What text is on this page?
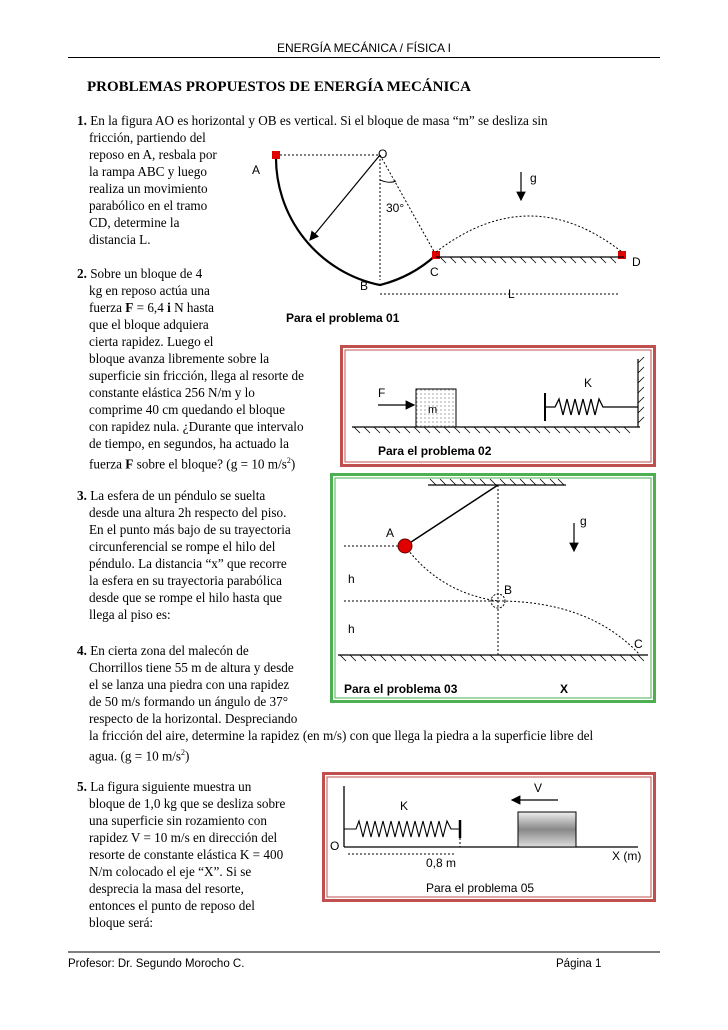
ENERGÍA MECÁNICA / FÍSICA I
PROBLEMAS PROPUESTOS DE ENERGÍA MECÁNICA
1. En la figura AO es horizontal y OB es vertical. Si el bloque de masa “m” se desliza sin
fricción, partiendo del
reposo en A, resbala por
la rampa ABC y luego
realiza un movimiento
parabólico en el tramo
CD, determine la
distancia L.
A
O
B
C
D
L
g
30°
Para el problema 01
2. Sobre un bloque de 4
kg en reposo actúa una
fuerza F = 6,4 i N hasta
que el bloque adquiera
cierta rapidez. Luego el
bloque avanza libremente sobre la
superficie sin fricción, llega al resorte de
constante elástica 256 N/m y lo
comprime 40 cm quedando el bloque
con rapidez nula. ¿Durante que intervalo
de tiempo, en segundos, ha actuado la
fuerza F sobre el bloque? (g = 10 $m/s^2$)
F
m
K
Para el problema 02
3. La esfera de un péndulo se suelta
desde una altura 2h respecto del piso.
En el punto más bajo de su trayectoria
circunferencial se rompe el hilo del
péndulo. La distancia “x” que recorre
la esfera en su trayectoria parabólica
desde que se rompe el hilo hasta que
llega al piso es:
A
B
C
h
h
g
X
Para el problema 03
4. En cierta zona del malecón de
Chorrillos tiene 55 m de altura y desde
el se lanza una piedra con una rapidez
de 50 m/s formando un ángulo de 37°
respecto de la horizontal. Despreciando
la fricción del aire, determine la rapidez (en m/s) con que llega la piedra a la superficie libre del
agua. (g = 10 $m/s^2$)
5. La figura siguiente muestra un
bloque de 1,0 kg que se desliza sobre
una superficie sin rozamiento con
rapidez V = 10 m/s en dirección del
resorte de constante elástica K = 400
N/m colocado el eje “X”. Si se
desprecia la masa del resorte,
entonces el punto de reposo del
bloque será:
V
K
O
0,8 m	X (m)
Para el problema 05
Profesor: Dr. Segundo Morocho C.	Página 1
